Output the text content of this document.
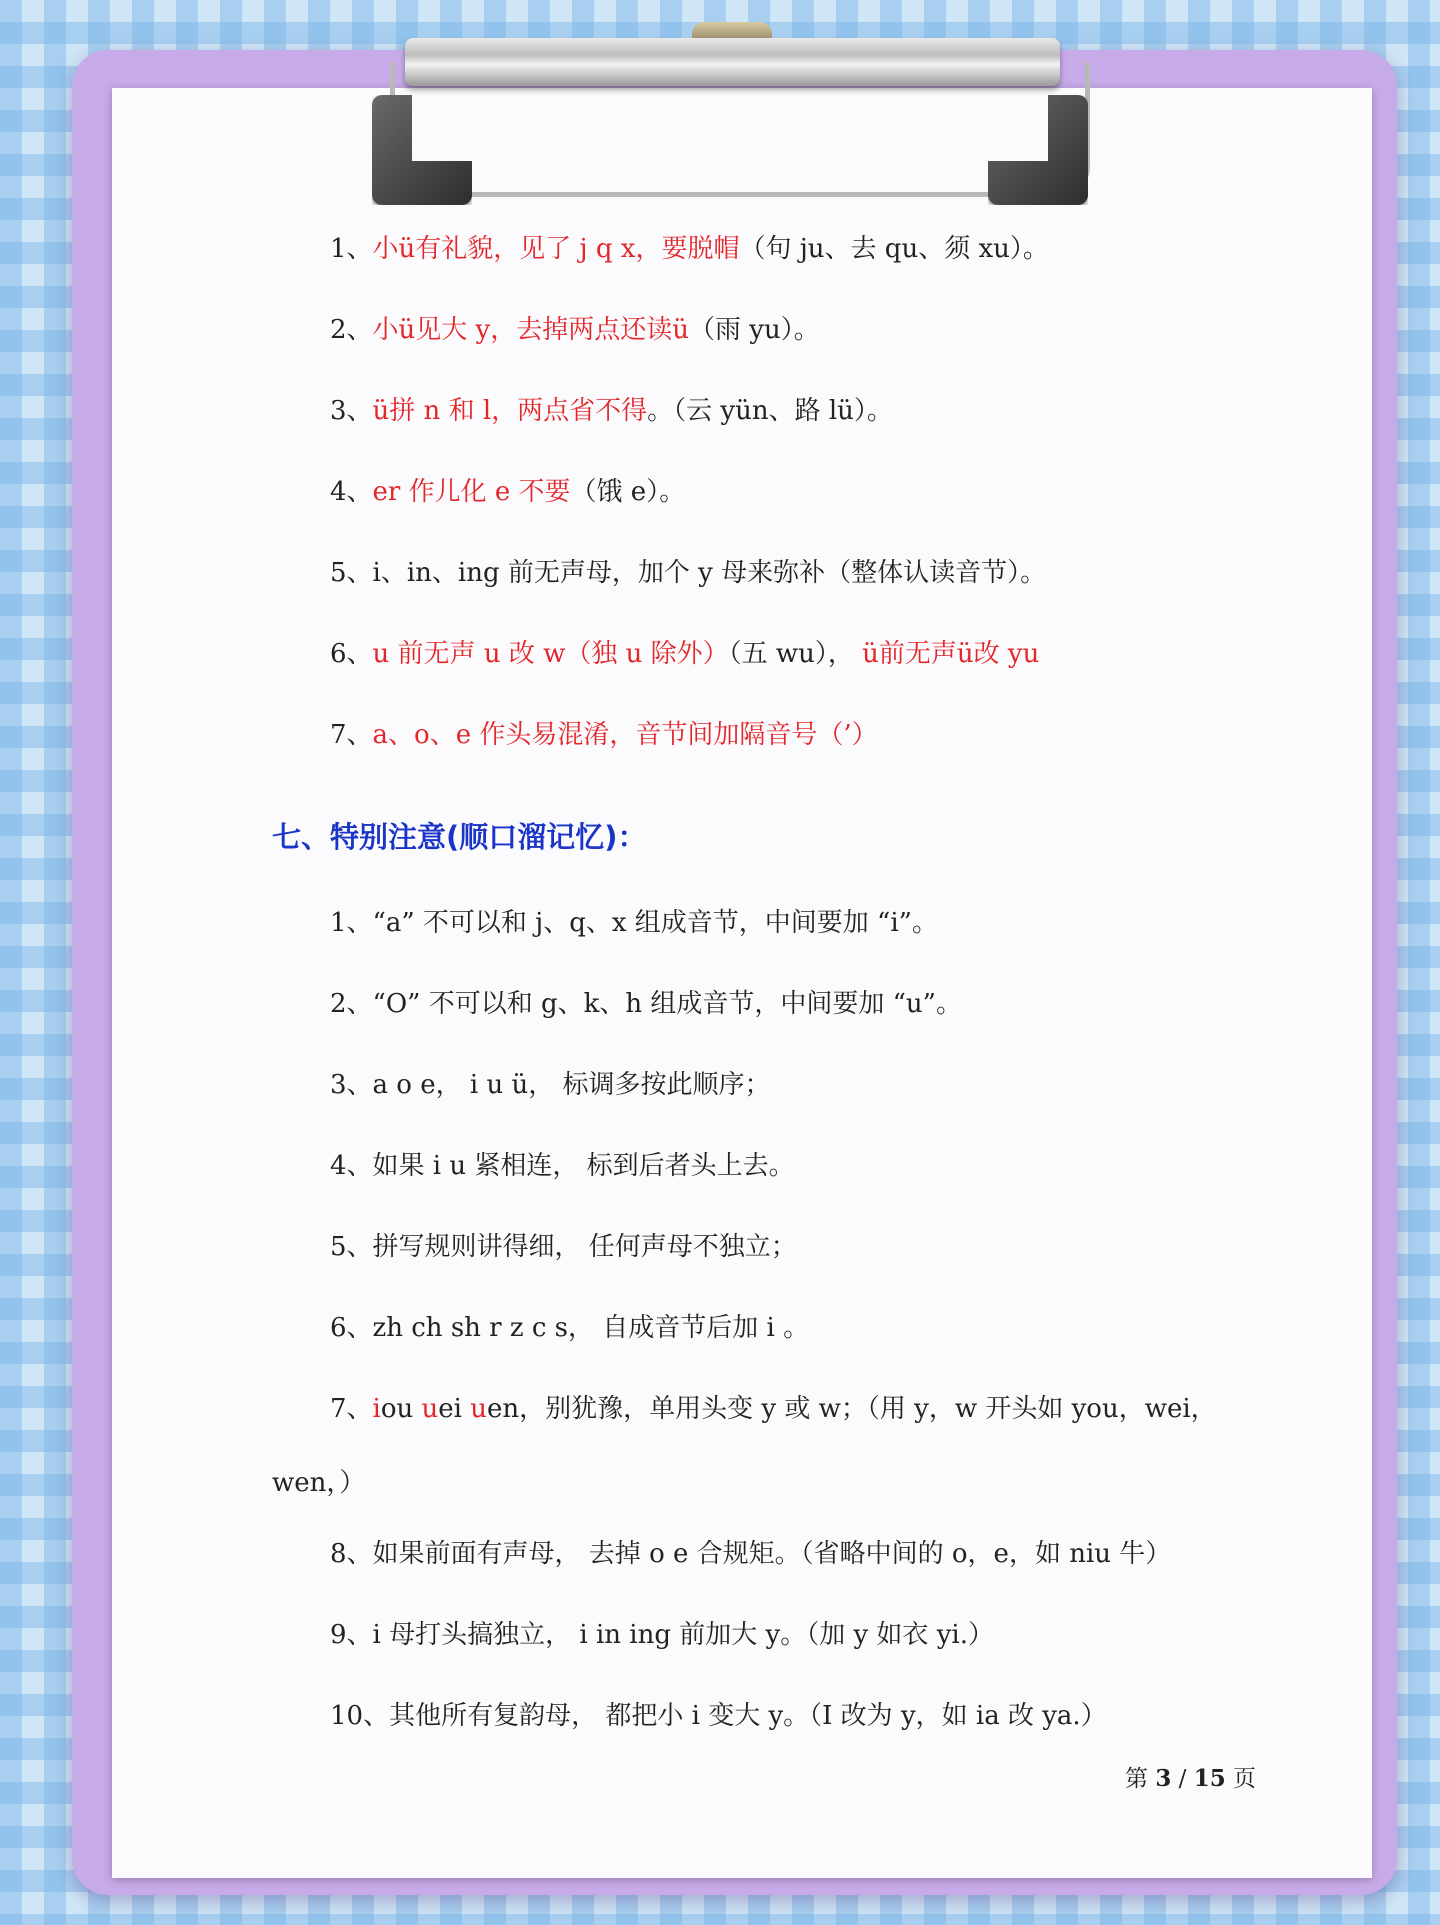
1、小ü有礼貌，见了 j q x，要脱帽（句 ju、去 qu、须 xu）。
2、小ü见大 y，去掉两点还读ü（雨 yu）。
3、ü拼 n 和 l，两点省不得。（云 yün、路 lü）。
4、er 作儿化 e 不要（饿 e）。
5、i、in、ing 前无声母，加个 y 母来弥补（整体认读音节）。
6、u 前无声 u 改 w（独 u 除外）（五 wu）， ü前无声ü改 yu
7、a、o、e 作头易混淆，音节间加隔音号（’）
七、特别注意(顺口溜记忆)：
1、“a” 不可以和 j、q、x 组成音节，中间要加 “i”。
2、“O” 不可以和 g、k、h 组成音节，中间要加 “u”。
3、a o e， i u ü， 标调多按此顺序；
4、如果 i u 紧相连， 标到后者头上去。
5、拼写规则讲得细， 任何声母不独立；
6、zh ch sh r z c s， 自成音节后加 i 。
7、iou uei uen，别犹豫，单用头变 y 或 w；（用 y，w 开头如 you，wei，
wen，）
8、如果前面有声母， 去掉 o e 合规矩。（省略中间的 o，e，如 niu 牛）
9、i 母打头搞独立， i in ing 前加大 y。（加 y 如衣 yi.）
10、其他所有复韵母， 都把小 i 变大 y。（I 改为 y，如 ia 改 ya.）
第 3 / 15 页
